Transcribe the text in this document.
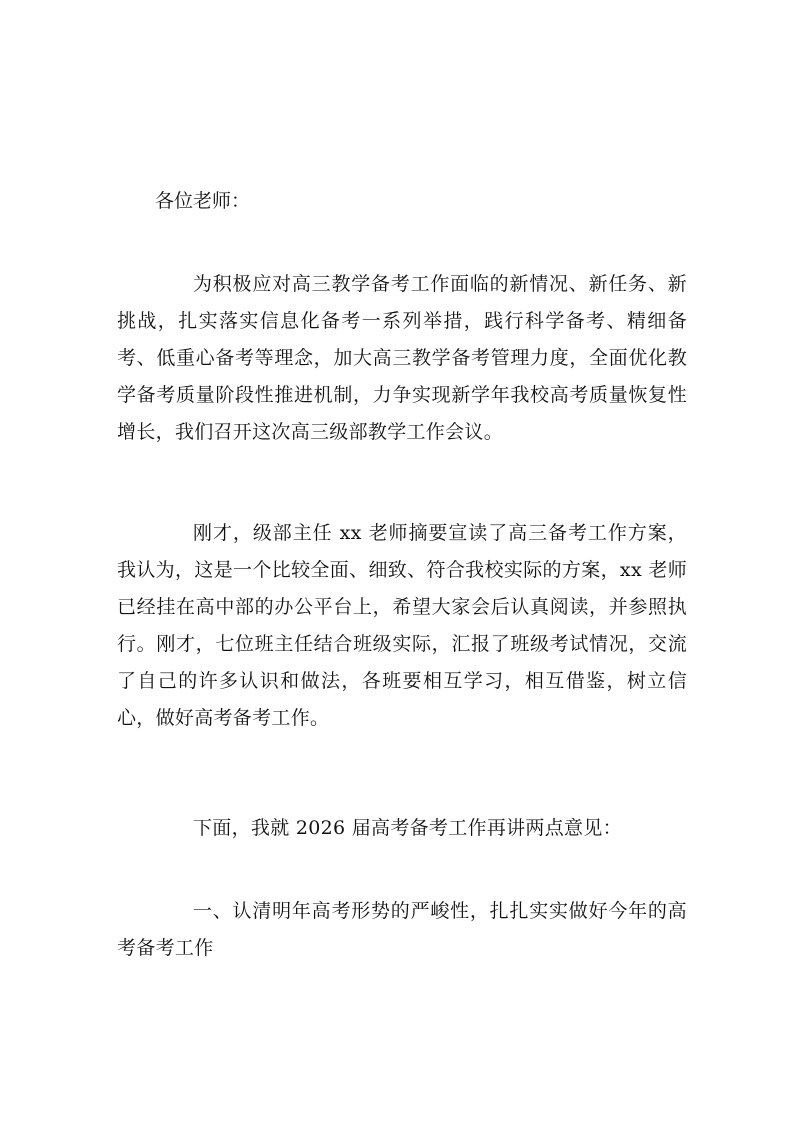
各位老师：

为积极应对高三教学备考工作面临的新情况、新任务、新挑战，扎实落实信息化备考一系列举措，践行科学备考、精细备考、低重心备考等理念，加大高三教学备考管理力度，全面优化教学备考质量阶段性推进机制，力争实现新学年我校高考质量恢复性增长，我们召开这次高三级部教学工作会议。

刚才，级部主任 xx 老师摘要宣读了高三备考工作方案，我认为，这是一个比较全面、细致、符合我校实际的方案，xx 老师已经挂在高中部的办公平台上，希望大家会后认真阅读，并参照执行。刚才，七位班主任结合班级实际，汇报了班级考试情况，交流了自己的许多认识和做法，各班要相互学习，相互借鉴，树立信心，做好高考备考工作。

下面，我就 2026 届高考备考工作再讲两点意见：

一、认清明年高考形势的严峻性，扎扎实实做好今年的高考备考工作
